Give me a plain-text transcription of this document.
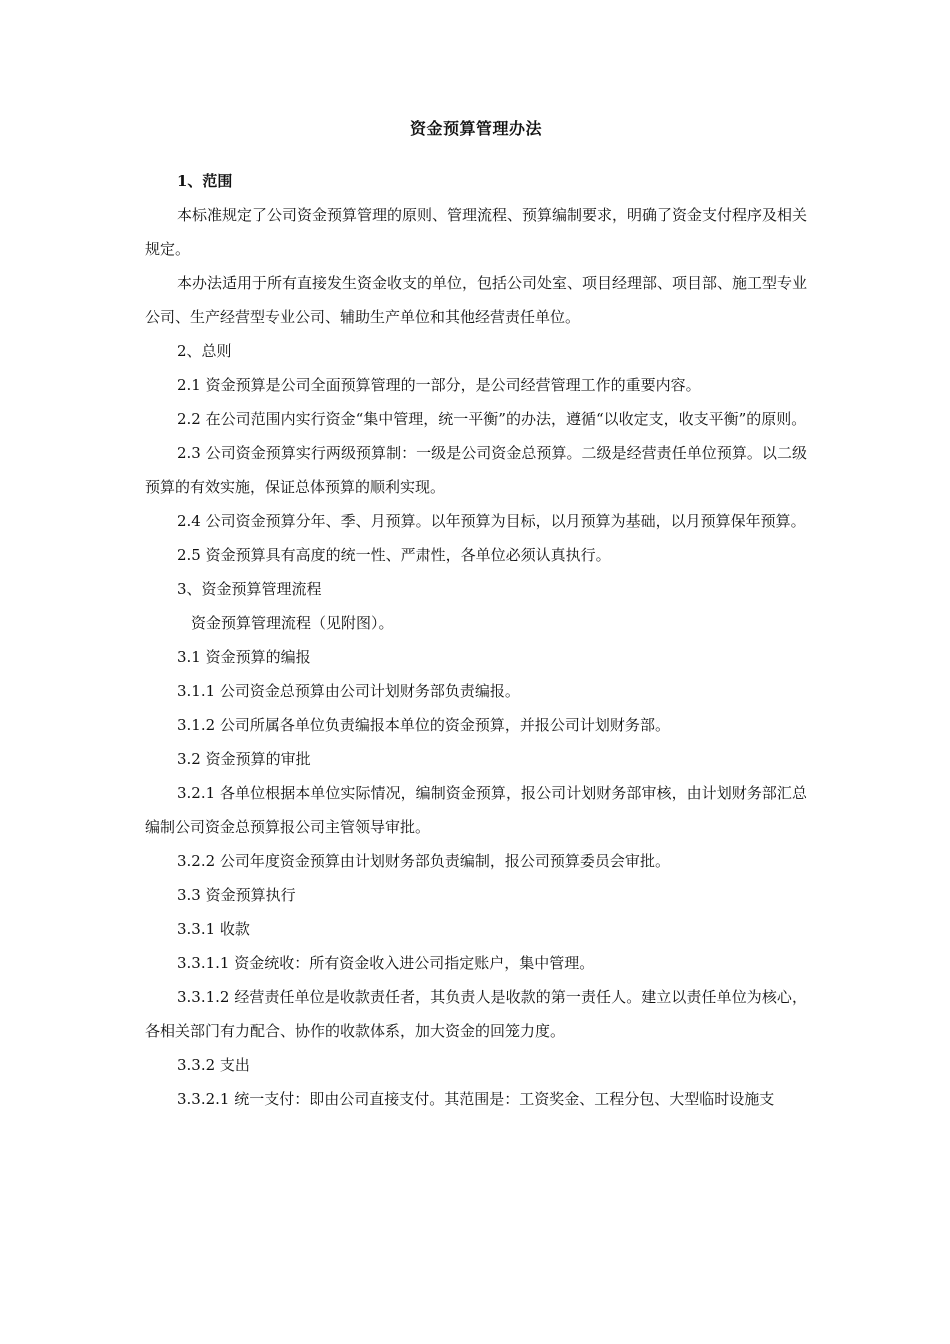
资金预算管理办法

1、范围

本标准规定了公司资金预算管理的原则、管理流程、预算编制要求，明确了资金支付程序及相关规定。

本办法适用于所有直接发生资金收支的单位，包括公司处室、项目经理部、项目部、施工型专业公司、生产经营型专业公司、辅助生产单位和其他经营责任单位。

2、总则

2.1 资金预算是公司全面预算管理的一部分，是公司经营管理工作的重要内容。

2.2 在公司范围内实行资金“集中管理，统一平衡”的办法，遵循“以收定支，收支平衡”的原则。

2.3 公司资金预算实行两级预算制：一级是公司资金总预算。二级是经营责任单位预算。以二级预算的有效实施，保证总体预算的顺利实现。

2.4 公司资金预算分年、季、月预算。以年预算为目标，以月预算为基础，以月预算保年预算。

2.5 资金预算具有高度的统一性、严肃性，各单位必须认真执行。

3、资金预算管理流程

资金预算管理流程（见附图）。

3.1 资金预算的编报

3.1.1 公司资金总预算由公司计划财务部负责编报。

3.1.2 公司所属各单位负责编报本单位的资金预算，并报公司计划财务部。

3.2 资金预算的审批

3.2.1 各单位根据本单位实际情况，编制资金预算，报公司计划财务部审核，由计划财务部汇总编制公司资金总预算报公司主管领导审批。

3.2.2 公司年度资金预算由计划财务部负责编制，报公司预算委员会审批。

3.3 资金预算执行

3.3.1 收款

3.3.1.1 资金统收：所有资金收入进公司指定账户，集中管理。

3.3.1.2 经营责任单位是收款责任者，其负责人是收款的第一责任人。建立以责任单位为核心，各相关部门有力配合、协作的收款体系，加大资金的回笼力度。

3.3.2 支出

3.3.2.1 统一支付：即由公司直接支付。其范围是：工资奖金、工程分包、大型临时设施支
